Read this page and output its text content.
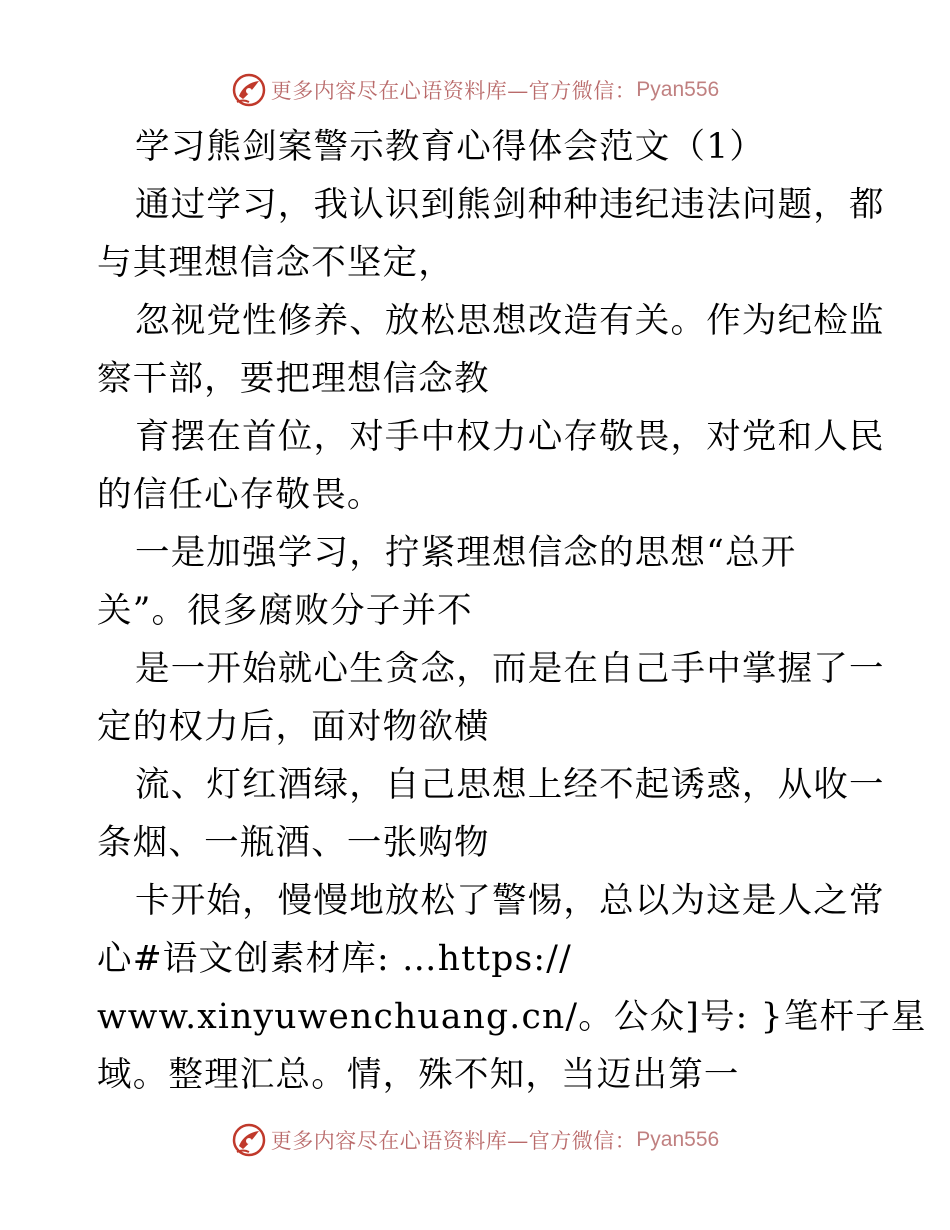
更多内容尽在心语资料库—官方微信： Pyan556
学习熊剑案警示教育心得体会范文（1）
通过学习，我认识到熊剑种种违纪违法问题，都
与其理想信念不坚定，
忽视党性修养、放松思想改造有关。作为纪检监
察干部，要把理想信念教
育摆在首位，对手中权力心存敬畏，对党和人民
的信任心存敬畏。
一是加强学习，拧紧理想信念的思想“总开
关”。很多腐败分子并不
是一开始就心生贪念，而是在自己手中掌握了一
定的权力后，面对物欲横
流、灯红酒绿，自己思想上经不起诱惑，从收一
条烟、一瓶酒、一张购物
卡开始，慢慢地放松了警惕，总以为这是人之常
心#语文创素材库: …https://
www.xinyuwenchuang.cn/。公众]号: }笔杆子星
域。整理汇总。情，殊不知，当迈出第一
更多内容尽在心语资料库—官方微信： Pyan556
